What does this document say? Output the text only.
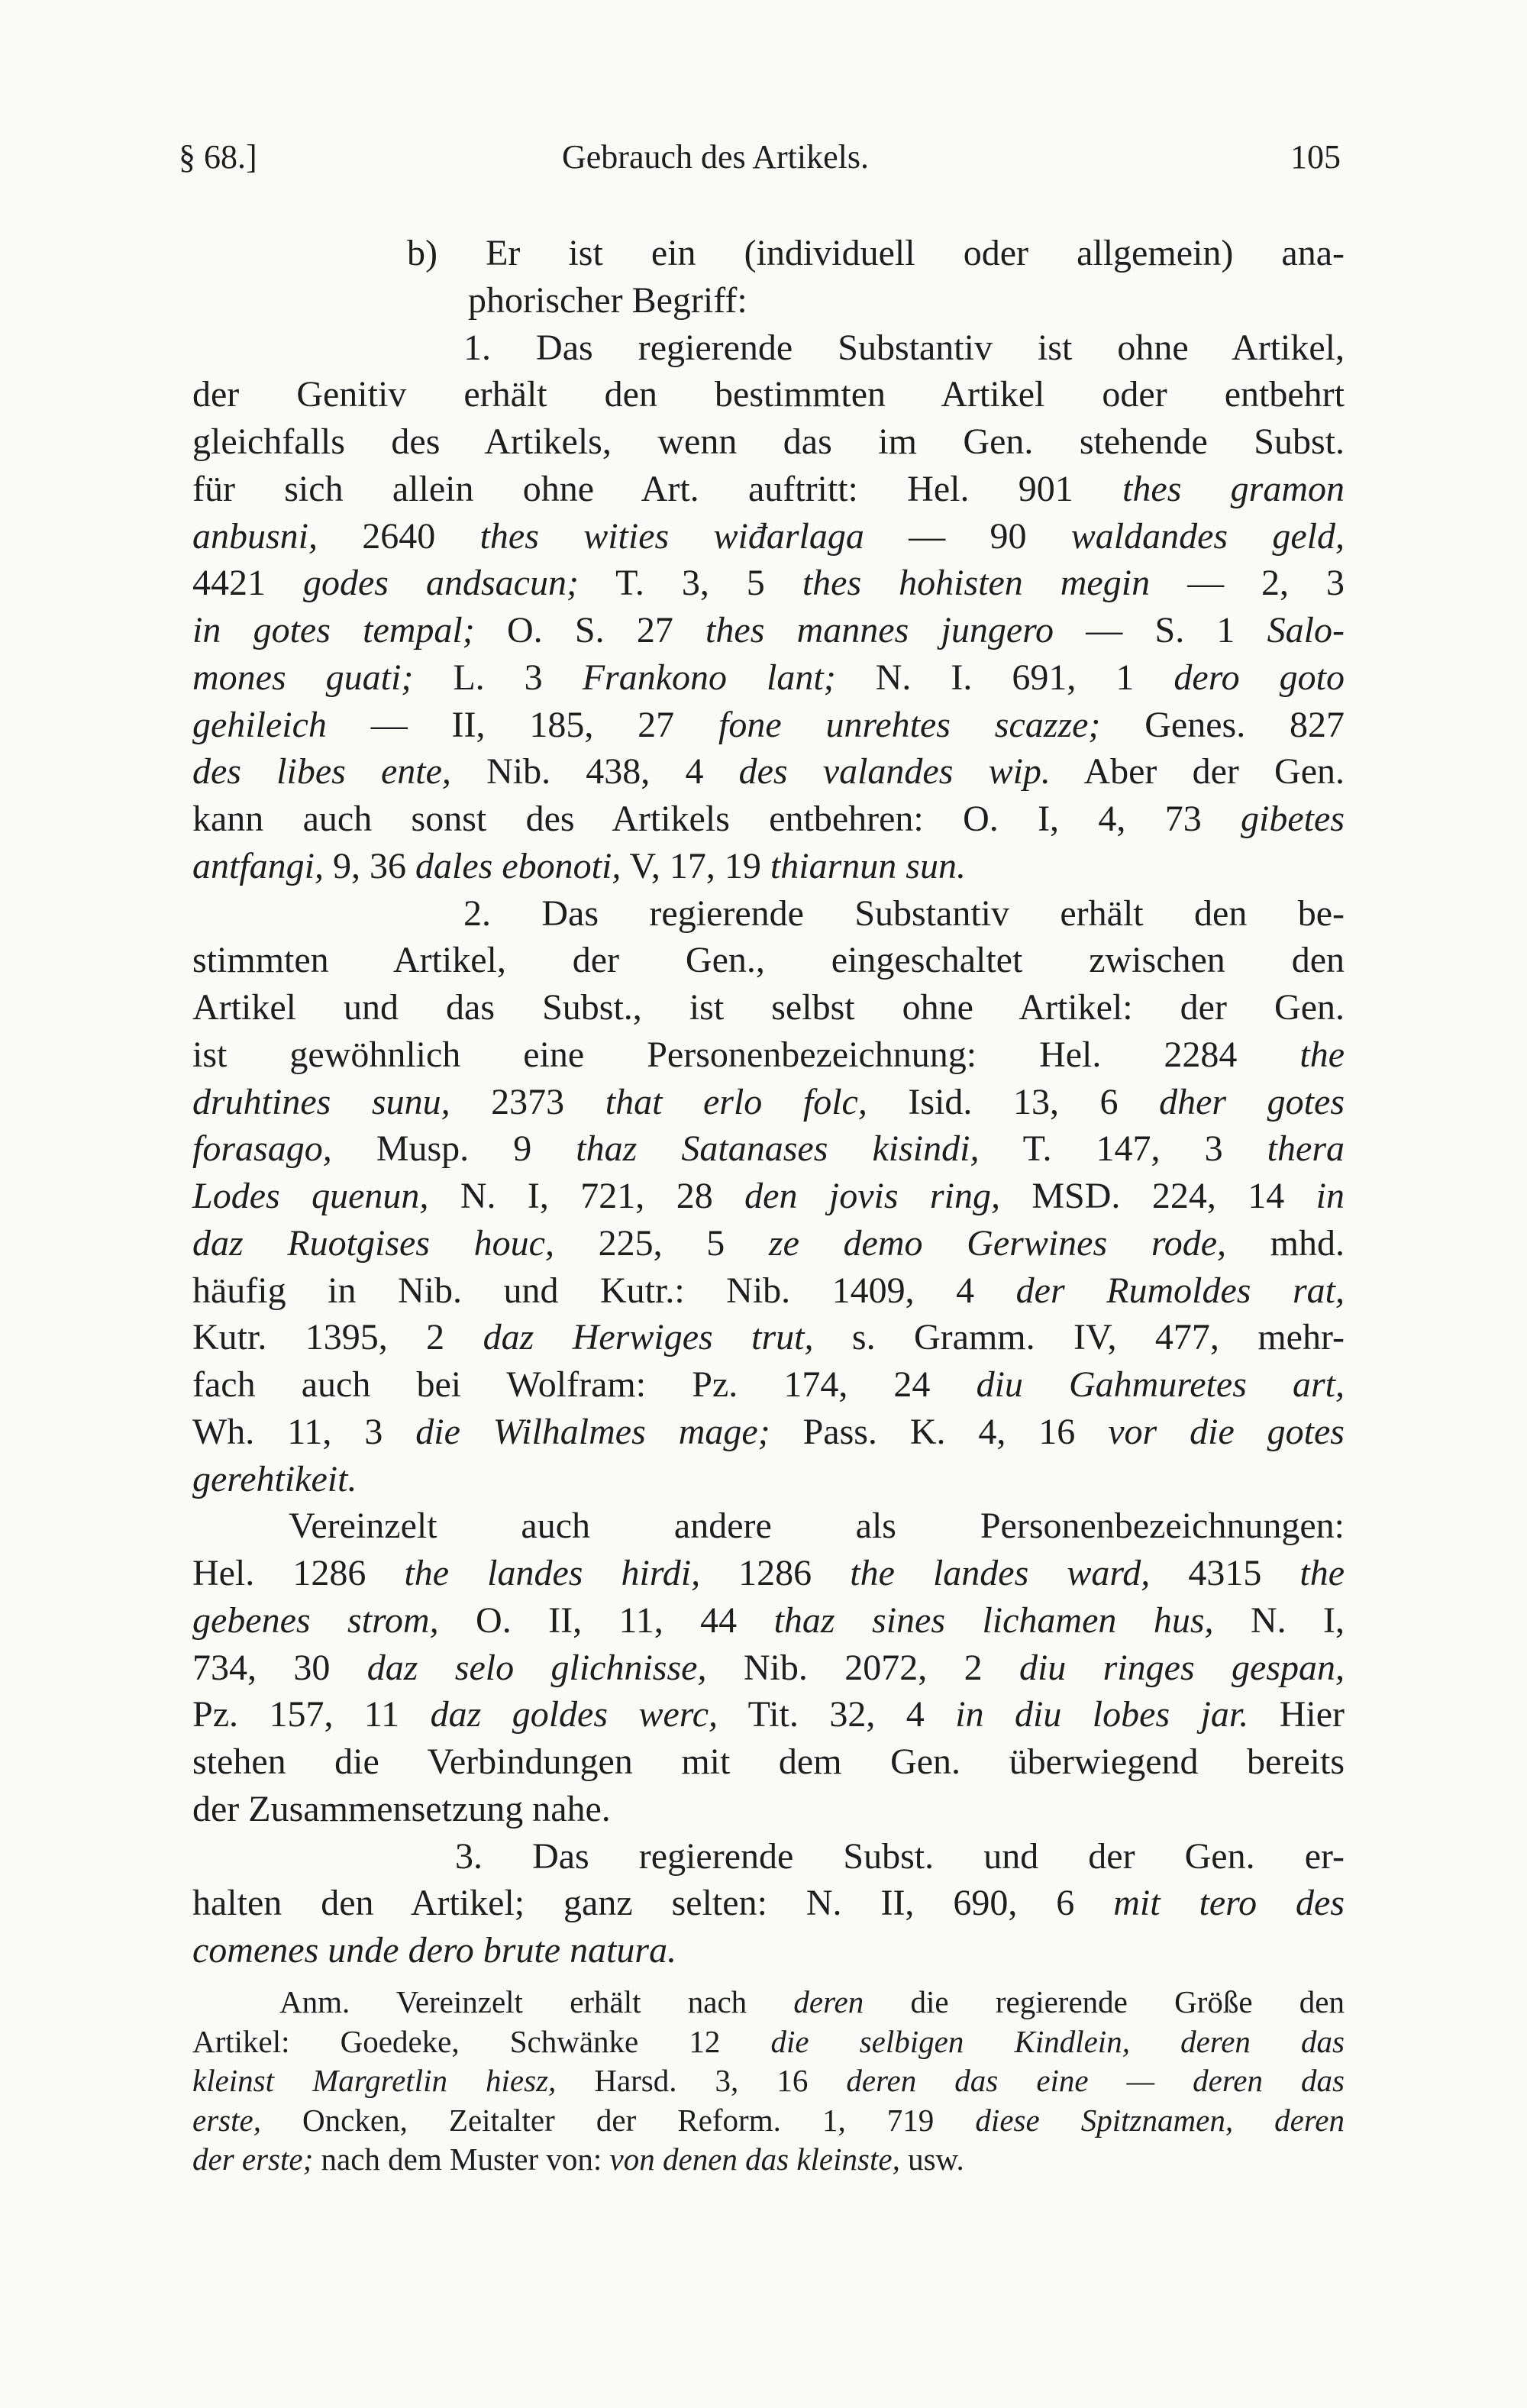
§ 68.]	Gebrauch des Artikels.	105
b) Er ist ein (individuell oder allgemein) ana-
phorischer Begriff:
1. Das regierende Substantiv ist ohne Artikel,
der Genitiv erhält den bestimmten Artikel oder entbehrt
gleichfalls des Artikels, wenn das im Gen. stehende Subst.
für sich allein ohne Art. auftritt: Hel. 901 thes gramon
anbusni, 2640 thes wities wiđarlaga — 90 waldandes geld,
4421 godes andsacun; T. 3, 5 thes hohisten megin — 2, 3
in gotes tempal; O. S. 27 thes mannes jungero — S. 1 Salo-
mones guati; L. 3 Frankono lant; N. I. 691, 1 dero goto
gehileich — II, 185, 27 fone unrehtes scazze; Genes. 827
des libes ente, Nib. 438, 4 des valandes wip. Aber der Gen.
kann auch sonst des Artikels entbehren: O. I, 4, 73 gibetes
antfangi, 9, 36 dales ebonoti, V, 17, 19 thiarnun sun.
2. Das regierende Substantiv erhält den be-
stimmten Artikel, der Gen., eingeschaltet zwischen den
Artikel und das Subst., ist selbst ohne Artikel: der Gen.
ist gewöhnlich eine Personenbezeichnung: Hel. 2284 the
druhtines sunu, 2373 that erlo folc, Isid. 13, 6 dher gotes
forasago, Musp. 9 thaz Satanases kisindi, T. 147, 3 thera
Lodes quenun, N. I, 721, 28 den jovis ring, MSD. 224, 14 in
daz Ruotgises houc, 225, 5 ze demo Gerwines rode, mhd.
häufig in Nib. und Kutr.: Nib. 1409, 4 der Rumoldes rat,
Kutr. 1395, 2 daz Herwiges trut, s. Gramm. IV, 477, mehr-
fach auch bei Wolfram: Pz. 174, 24 diu Gahmuretes art,
Wh. 11, 3 die Wilhalmes mage; Pass. K. 4, 16 vor die gotes
gerehtikeit.
Vereinzelt auch andere als Personenbezeichnungen:
Hel. 1286 the landes hirdi, 1286 the landes ward, 4315 the
gebenes strom, O. II, 11, 44 thaz sines lichamen hus, N. I,
734, 30 daz selo glichnisse, Nib. 2072, 2 diu ringes gespan,
Pz. 157, 11 daz goldes werc, Tit. 32, 4 in diu lobes jar. Hier
stehen die Verbindungen mit dem Gen. überwiegend bereits
der Zusammensetzung nahe.
3. Das regierende Subst. und der Gen. er-
halten den Artikel; ganz selten: N. II, 690, 6 mit tero des
comenes unde dero brute natura.
Anm. Vereinzelt erhält nach deren die regierende Größe den
Artikel: Goedeke, Schwänke 12 die selbigen Kindlein, deren das
kleinst Margretlin hiesz, Harsd. 3, 16 deren das eine — deren das
erste, Oncken, Zeitalter der Reform. 1, 719 diese Spitznamen, deren
der erste; nach dem Muster von: von denen das kleinste, usw.
